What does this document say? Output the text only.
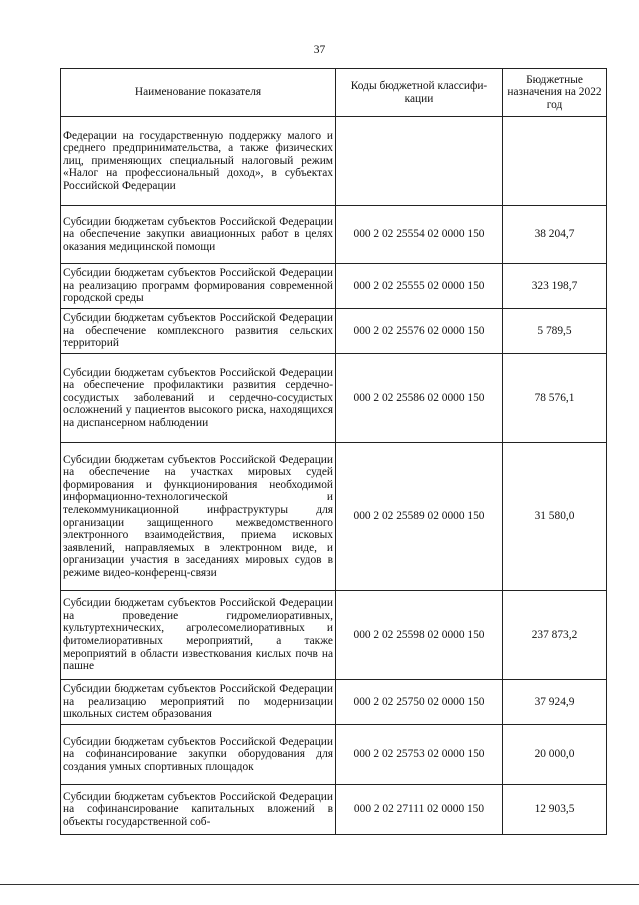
37
Наименование показателя	Коды бюджетной классифи-кации	Бюджетные назначения на 2022 год
Федерации на государственную поддержку малого и среднего предпринимательства, а также физических лиц, применяющих специальный налоговый режим «Налог на профессиональный доход», в субъектах Российской Федерации		
Субсидии бюджетам субъектов Российской Федерации на обеспечение закупки авиационных работ в целях оказания медицинской помощи	000 2 02 25554 02 0000 150	38 204,7
Субсидии бюджетам субъектов Российской Федерации на реализацию программ формирования современной городской среды	000 2 02 25555 02 0000 150	323 198,7
Субсидии бюджетам субъектов Российской Федерации на обеспечение комплексного развития сельских территорий	000 2 02 25576 02 0000 150	5 789,5
Субсидии бюджетам субъектов Российской Федерации на обеспечение профилактики развития сердечно-сосудистых заболеваний и сердечно-сосудистых осложнений у пациентов высокого риска, находящихся на диспансерном наблюдении	000 2 02 25586 02 0000 150	78 576,1
Субсидии бюджетам субъектов Российской Федерации на обеспечение на участках мировых судей формирования и функционирования необходимой информационно-технологической и телекоммуникационной инфраструктуры для организации защищенного межведомственного электронного взаимодействия, приема исковых заявлений, направляемых в электронном виде, и организации участия в заседаниях мировых судов в режиме видео-конференц-связи	000 2 02 25589 02 0000 150	31 580,0
Субсидии бюджетам субъектов Российской Федерации на проведение гидромелиоративных, культуртехнических, агролесомелиоративных и фитомелиоративных мероприятий, а также мероприятий в области известкования кислых почв на пашне	000 2 02 25598 02 0000 150	237 873,2
Субсидии бюджетам субъектов Российской Федерации на реализацию мероприятий по модернизации школьных систем образования	000 2 02 25750 02 0000 150	37 924,9
Субсидии бюджетам субъектов Российской Федерации на софинансирование закупки оборудования для создания умных спортивных площадок	000 2 02 25753 02 0000 150	20 000,0
Субсидии бюджетам субъектов Российской Федерации на софинансирование капитальных вложений в объекты государственной соб-	000 2 02 27111 02 0000 150	12 903,5
